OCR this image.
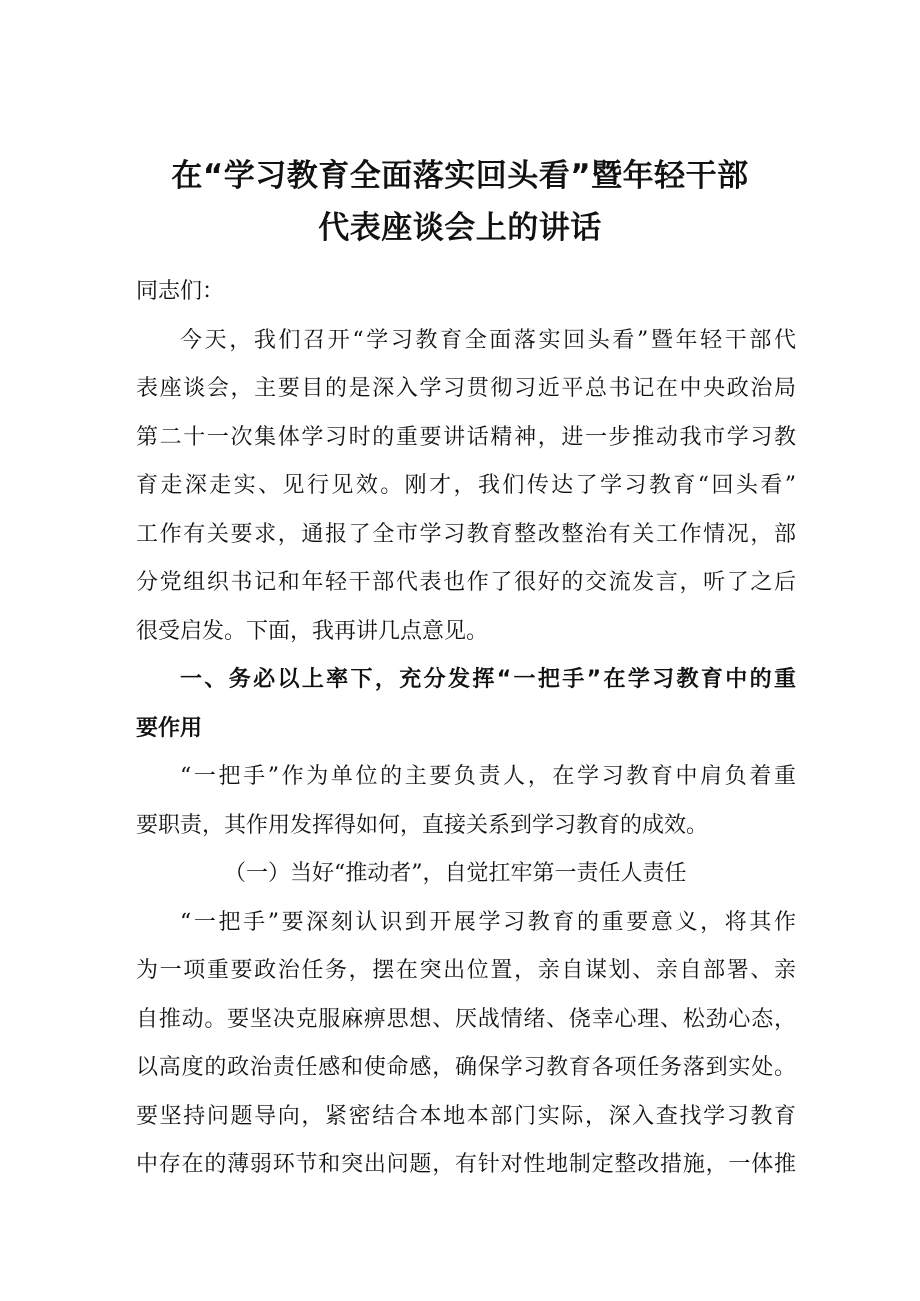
在“学习教育全面落实回头看”暨年轻干部
代表座谈会上的讲话
同志们：
今天，我们召开“学习教育全面落实回头看”暨年轻干部代
表座谈会，主要目的是深入学习贯彻习近平总书记在中央政治局
第二十一次集体学习时的重要讲话精神，进一步推动我市学习教
育走深走实、见行见效。刚才，我们传达了学习教育“回头看”
工作有关要求，通报了全市学习教育整改整治有关工作情况，部
分党组织书记和年轻干部代表也作了很好的交流发言，听了之后
很受启发。下面，我再讲几点意见。
一、务必以上率下，充分发挥“一把手”在学习教育中的重
要作用
“一把手”作为单位的主要负责人，在学习教育中肩负着重
要职责，其作用发挥得如何，直接关系到学习教育的成效。
（一）当好“推动者”，自觉扛牢第一责任人责任
“一把手”要深刻认识到开展学习教育的重要意义，将其作
为一项重要政治任务，摆在突出位置，亲自谋划、亲自部署、亲
自推动。要坚决克服麻痹思想、厌战情绪、侥幸心理、松劲心态，
以高度的政治责任感和使命感，确保学习教育各项任务落到实处。
要坚持问题导向，紧密结合本地本部门实际，深入查找学习教育
中存在的薄弱环节和突出问题，有针对性地制定整改措施，一体推
